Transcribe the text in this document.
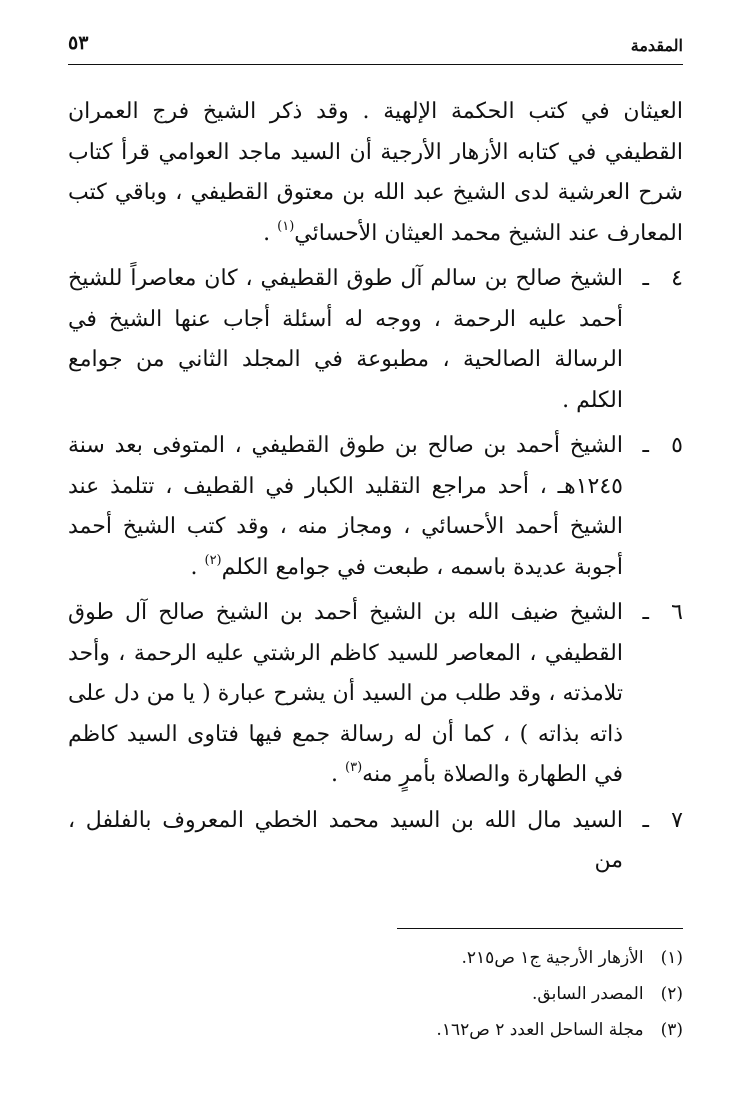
المقدمة
٥٣

العيثان في كتب الحكمة الإلهية . وقد ذكر الشيخ فرج العمران القطيفي في كتابه الأزهار الأرجية أن السيد ماجد العوامي قرأ كتاب شرح العرشية لدى الشيخ عبد الله بن معتوق القطيفي ، وباقي كتب المعارف عند الشيخ محمد العيثان الأحسائي$^{(١)}$ .

٤
ـ

الشيخ صالح بن سالم آل طوق القطيفي ، كان معاصراً للشيخ أحمد عليه الرحمة ، ووجه له أسئلة أجاب عنها الشيخ في الرسالة الصالحية ، مطبوعة في المجلد الثاني من جوامع الكلم .

٥
ـ

الشيخ أحمد بن صالح بن طوق القطيفي ، المتوفى بعد سنة ١٢٤٥هـ ، أحد مراجع التقليد الكبار في القطيف ، تتلمذ عند الشيخ أحمد الأحسائي ، ومجاز منه ، وقد كتب الشيخ أحمد أجوبة عديدة باسمه ، طبعت في جوامع الكلم$^{(٢)}$ .

٦
ـ

الشيخ ضيف الله بن الشيخ أحمد بن الشيخ صالح آل طوق القطيفي ، المعاصر للسيد كاظم الرشتي عليه الرحمة ، وأحد تلامذته ، وقد طلب من السيد أن يشرح عبارة ( يا من دل على ذاته بذاته ) ، كما أن له رسالة جمع فيها فتاوى السيد كاظم في الطهارة والصلاة بأمرٍ منه$^{(٣)}$ .

٧
ـ

السيد مال الله بن السيد محمد الخطي المعروف بالفلفل ، من

(١) الأزهار الأرجية ج١ ص٢١٥.

(٢) المصدر السابق.

(٣) مجلة الساحل العدد ٢ ص١٦٢.
